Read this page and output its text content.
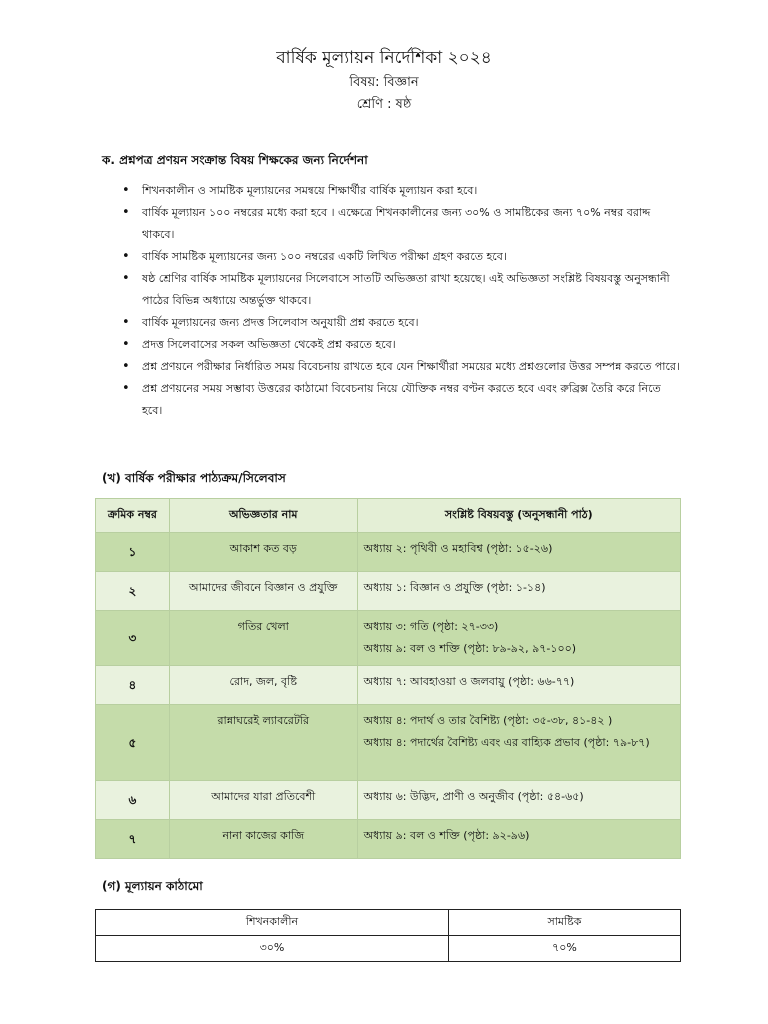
বার্ষিক মূল্যায়ন নির্দেশিকা ২০২৪
বিষয়: বিজ্ঞান
শ্রেণি : ষষ্ঠ
ক. প্রশ্নপত্র প্রণয়ন সংক্রান্ত বিষয় শিক্ষকের জন্য নির্দেশনা
• শিখনকালীন ও সামষ্টিক মূল্যায়নের সমন্বয়ে শিক্ষার্থীর বার্ষিক মূল্যায়ন করা হবে।
• বার্ষিক মূল্যায়ন ১০০ নম্বরের মধ্যে করা হবে । এক্ষেত্রে শিখনকালীনের জন্য ৩০% ও সামষ্টিকের জন্য ৭০% নম্বর বরাদ্দ থাকবে।
• বার্ষিক সামষ্টিক মূল্যায়নের জন্য ১০০ নম্বরের একটি লিখিত পরীক্ষা গ্রহণ করতে হবে।
• ষষ্ঠ শ্রেণির বার্ষিক সামষ্টিক মূল্যায়নের সিলেবাসে সাতটি অভিজ্ঞতা রাখা হয়েছে। এই অভিজ্ঞতা সংশ্লিষ্ট বিষয়বস্তু অনুসন্ধানী পাঠের বিভিন্ন অধ্যায়ে অন্তর্ভুক্ত থাকবে।
• বার্ষিক মূল্যায়নের জন্য প্রদত্ত সিলেবাস অনুযায়ী প্রশ্ন করতে হবে।
• প্রদত্ত সিলেবাসের সকল অভিজ্ঞতা থেকেই প্রশ্ন করতে হবে।
• প্রশ্ন প্রণয়নে পরীক্ষার নির্ধারিত সময় বিবেচনায় রাখতে হবে যেন শিক্ষার্থীরা সময়ের মধ্যে প্রশ্নগুলোর উত্তর সম্পন্ন করতে পারে।
• প্রশ্ন প্রণয়নের সময় সম্ভাব্য উত্তরের কাঠামো বিবেচনায় নিয়ে যৌক্তিক নম্বর বণ্টন করতে হবে এবং রুব্রিক্স তৈরি করে নিতে হবে।
(খ) বার্ষিক পরীক্ষার পাঠ্যক্রম/সিলেবাস
ক্রমিক নম্বর	অভিজ্ঞতার নাম	সংশ্লিষ্ট বিষয়বস্তু (অনুসন্ধানী পাঠ)
১	আকাশ কত বড়	অধ্যায় ২: পৃথিবী ও মহাবিশ্ব (পৃষ্ঠা: ১৫-২৬)

২	আমাদের জীবনে বিজ্ঞান ও প্রযুক্তি	অধ্যায় ১: বিজ্ঞান ও প্রযুক্তি (পৃষ্ঠা: ১-১৪)

৩	গতির খেলা	অধ্যায় ৩: গতি (পৃষ্ঠা: ২৭-৩৩)
অধ্যায় ৯: বল ও শক্তি (পৃষ্ঠা: ৮৯-৯২, ৯৭-১০০)

৪	রোদ, জল, বৃষ্টি	অধ্যায় ৭: আবহাওয়া ও জলবায়ু (পৃষ্ঠা: ৬৬-৭৭)

৫	রান্নাঘরেই ল্যাবরেটরি	অধ্যায় ৪: পদার্থ ও তার বৈশিষ্ট্য (পৃষ্ঠা: ৩৫-৩৮, ৪১-৪২ )
অধ্যায় ৪: পদার্থের বৈশিষ্ট্য এবং এর বাহ্যিক প্রভাব (পৃষ্ঠা: ৭৯-৮৭)

৬	আমাদের যারা প্রতিবেশী	অধ্যায় ৬: উদ্ভিদ, প্রাণী ও অনুজীব (পৃষ্ঠা: ৫৪-৬৫)

৭	নানা কাজের কাজি	অধ্যায় ৯: বল ও শক্তি (পৃষ্ঠা: ৯২-৯৬)
(গ) মূল্যায়ন কাঠামো
শিখনকালীন	সামষ্টিক
৩০%	৭০%
